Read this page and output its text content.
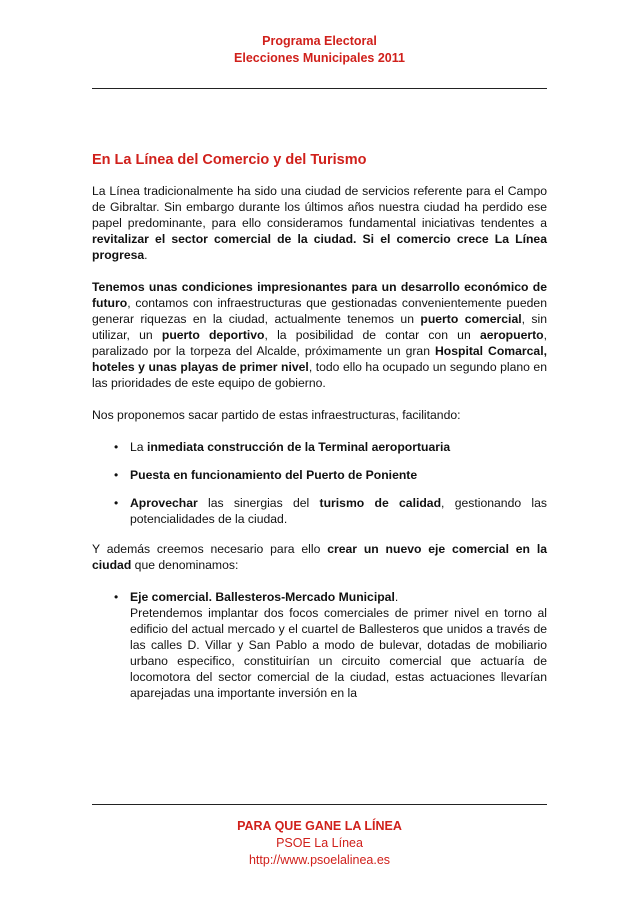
Programa Electoral
Elecciones Municipales 2011
En La Línea del Comercio y del Turismo

La Línea tradicionalmente ha sido una ciudad de servicios referente para el Campo de Gibraltar. Sin embargo durante los últimos años nuestra ciudad ha perdido ese papel predominante, para ello consideramos fundamental iniciativas tendentes a revitalizar el sector comercial de la ciudad. Si el comercio crece La Línea progresa.

Tenemos unas condiciones impresionantes para un desarrollo económico de futuro, contamos con infraestructuras que gestionadas convenientemente pueden generar riquezas en la ciudad, actualmente tenemos un puerto comercial, sin utilizar, un puerto deportivo, la posibilidad de contar con un aeropuerto, paralizado por la torpeza del Alcalde, próximamente un gran Hospital Comarcal, hoteles y unas playas de primer nivel, todo ello ha ocupado un segundo plano en las prioridades de este equipo de gobierno.

Nos proponemos sacar partido de estas infraestructuras, facilitando:

• La inmediata construcción de la Terminal aeroportuaria
• Puesta en funcionamiento del Puerto de Poniente
• Aprovechar las sinergias del turismo de calidad, gestionando las potencialidades de la ciudad.

Y además creemos necesario para ello crear un nuevo eje comercial en la ciudad que denominamos:

• Eje comercial. Ballesteros-Mercado Municipal.
Pretendemos implantar dos focos comerciales de primer nivel en torno al edificio del actual mercado y el cuartel de Ballesteros que unidos a través de las calles D. Villar y San Pablo a modo de bulevar, dotadas de mobiliario urbano especifico, constituirían un circuito comercial que actuaría de locomotora del sector comercial de la ciudad, estas actuaciones llevarían aparejadas una importante inversión en la
PARA QUE GANE LA LÍNEA
PSOE La Línea
http://www.psoelalinea.es
